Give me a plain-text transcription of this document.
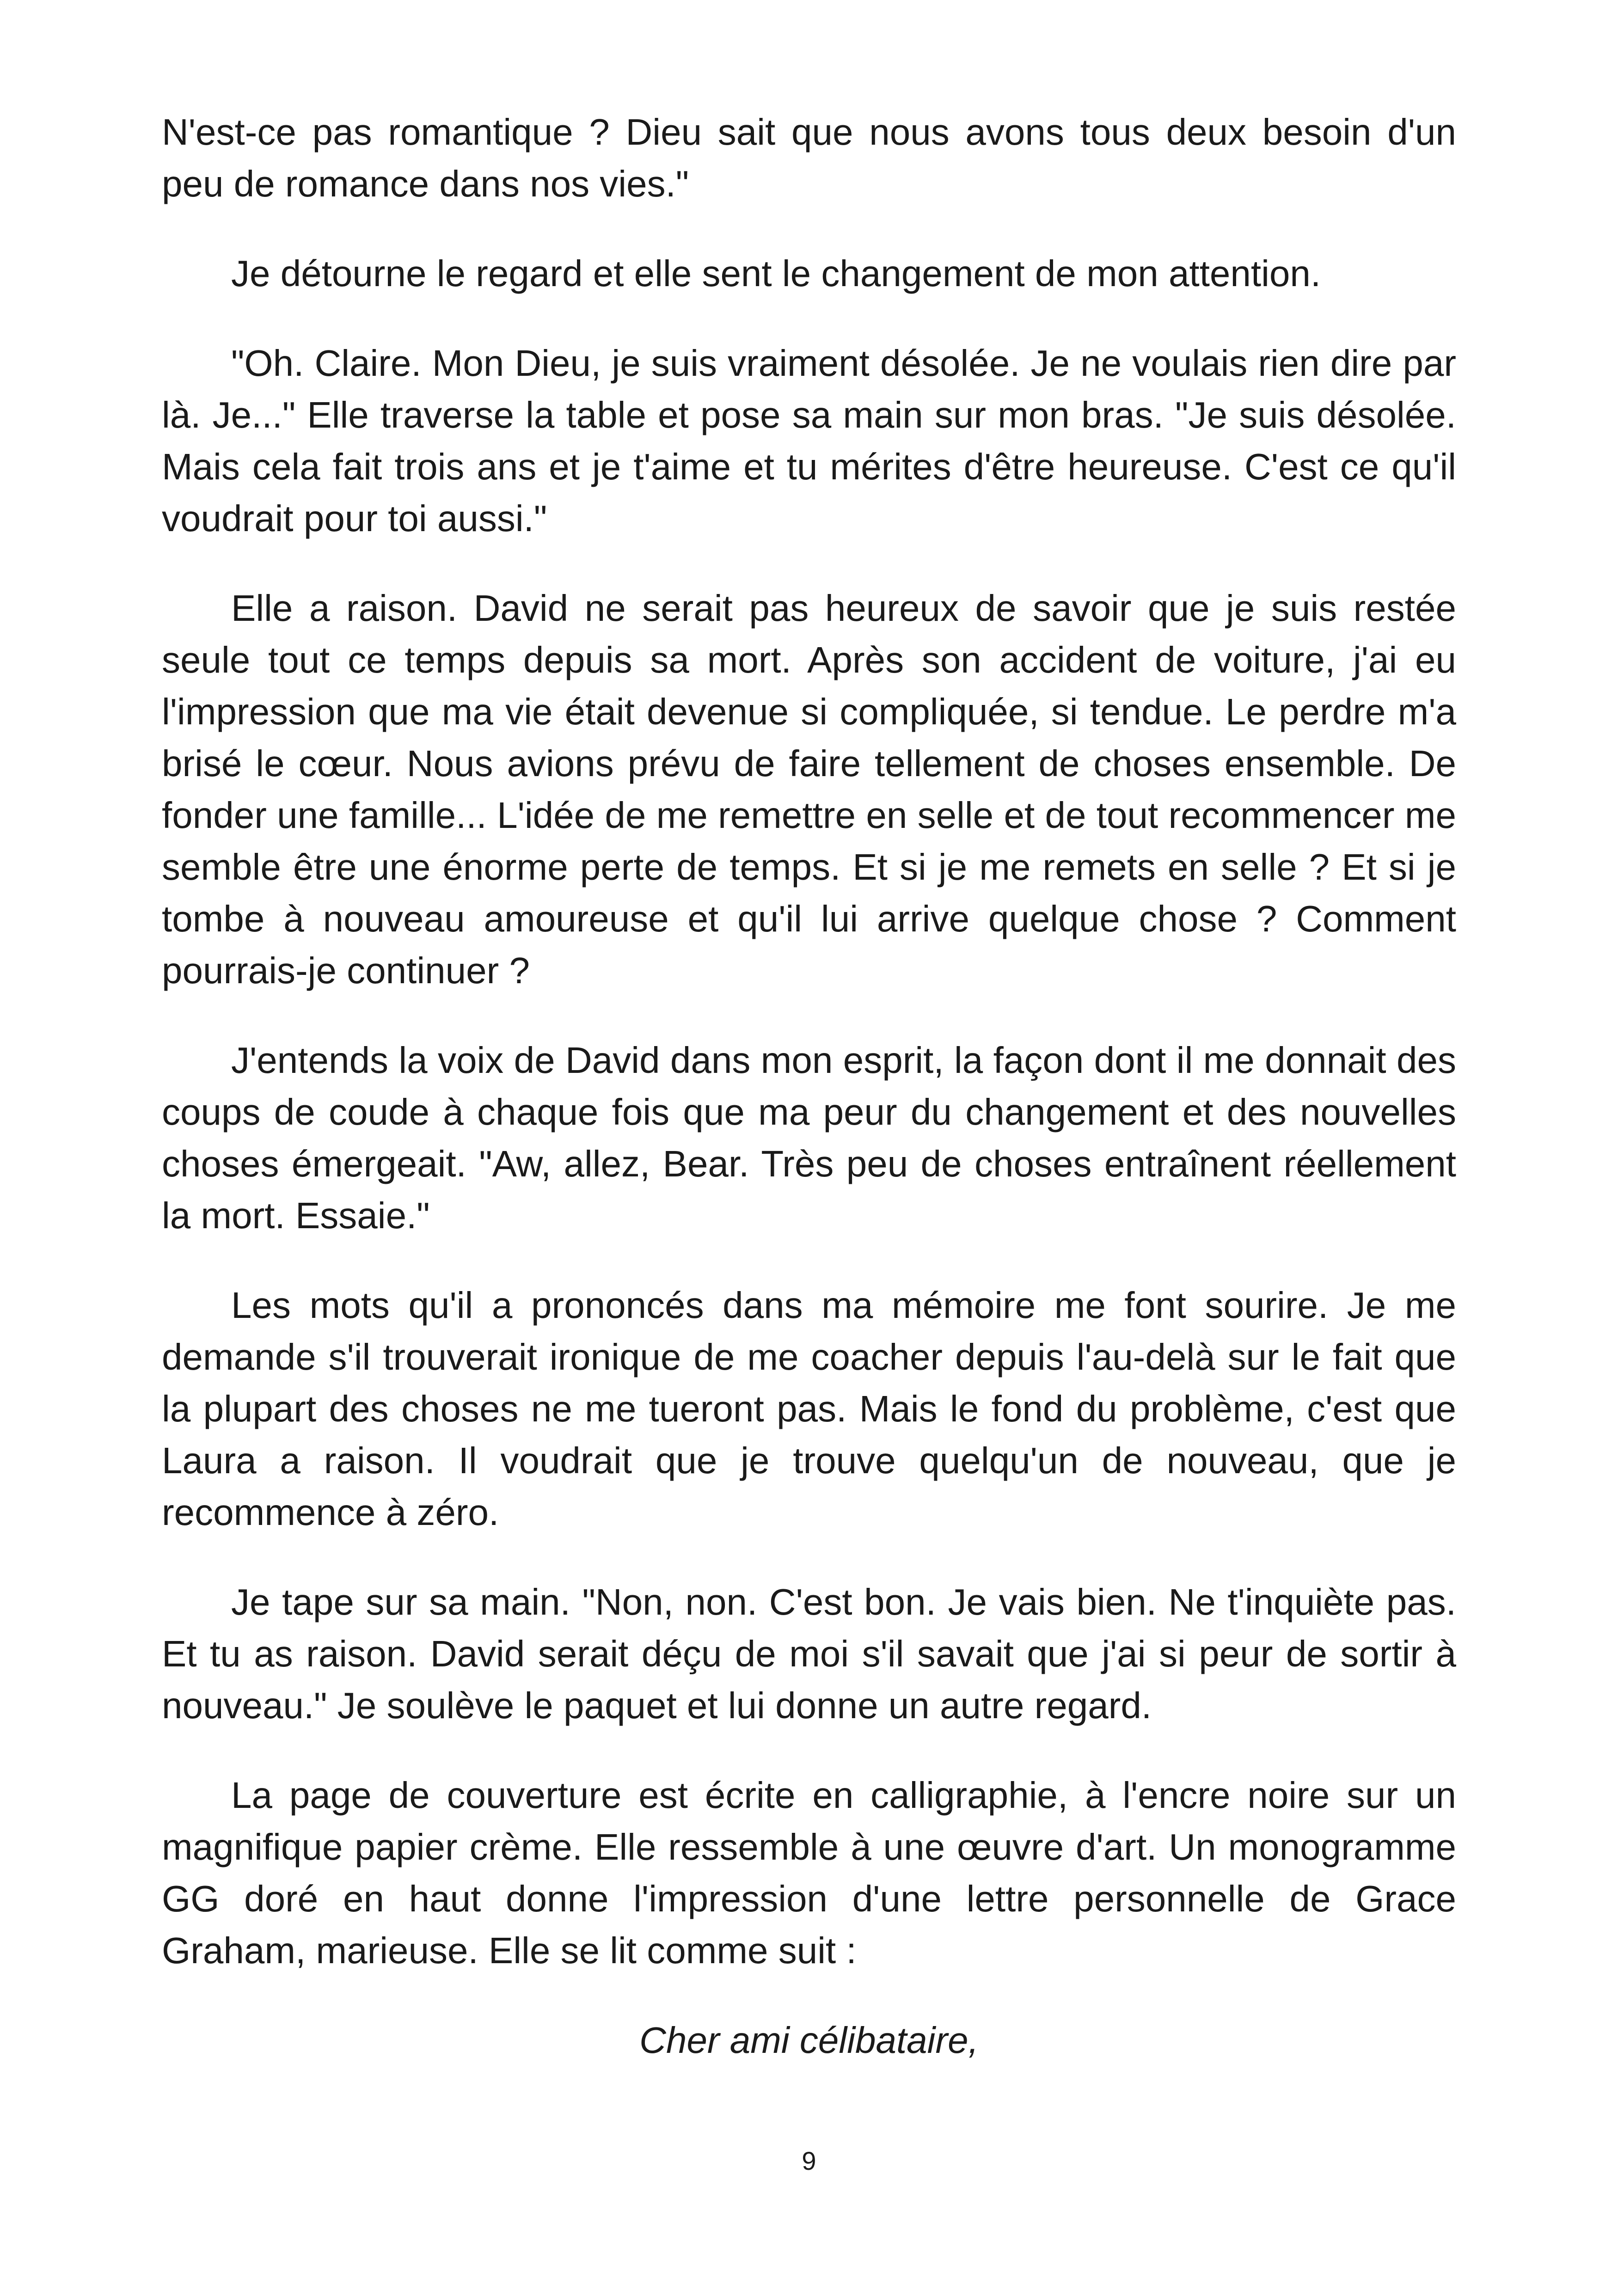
N'est-ce pas romantique ? Dieu sait que nous avons tous deux besoin d'un peu de romance dans nos vies."

Je détourne le regard et elle sent le changement de mon attention.

"Oh. Claire. Mon Dieu, je suis vraiment désolée. Je ne voulais rien dire par là. Je..." Elle traverse la table et pose sa main sur mon bras. "Je suis désolée. Mais cela fait trois ans et je t'aime et tu mérites d'être heureuse. C'est ce qu'il voudrait pour toi aussi."

Elle a raison. David ne serait pas heureux de savoir que je suis restée seule tout ce temps depuis sa mort. Après son accident de voiture, j'ai eu l'impression que ma vie était devenue si compliquée, si tendue. Le perdre m'a brisé le cœur. Nous avions prévu de faire tellement de choses ensemble. De fonder une famille... L'idée de me remettre en selle et de tout recommencer me semble être une énorme perte de temps. Et si je me remets en selle ? Et si je tombe à nouveau amoureuse et qu'il lui arrive quelque chose ? Comment pourrais-je continuer ?

J'entends la voix de David dans mon esprit, la façon dont il me donnait des coups de coude à chaque fois que ma peur du changement et des nouvelles choses émergeait. "Aw, allez, Bear. Très peu de choses entraînent réellement la mort. Essaie."

Les mots qu'il a prononcés dans ma mémoire me font sourire. Je me demande s'il trouverait ironique de me coacher depuis l'au-delà sur le fait que la plupart des choses ne me tueront pas. Mais le fond du problème, c'est que Laura a raison. Il voudrait que je trouve quelqu'un de nouveau, que je recommence à zéro.

Je tape sur sa main. "Non, non. C'est bon. Je vais bien. Ne t'inquiète pas. Et tu as raison. David serait déçu de moi s'il savait que j'ai si peur de sortir à nouveau." Je soulève le paquet et lui donne un autre regard.

La page de couverture est écrite en calligraphie, à l'encre noire sur un magnifique papier crème. Elle ressemble à une œuvre d'art. Un monogramme GG doré en haut donne l'impression d'une lettre personnelle de Grace Graham, marieuse. Elle se lit comme suit :

Cher ami célibataire,

9
